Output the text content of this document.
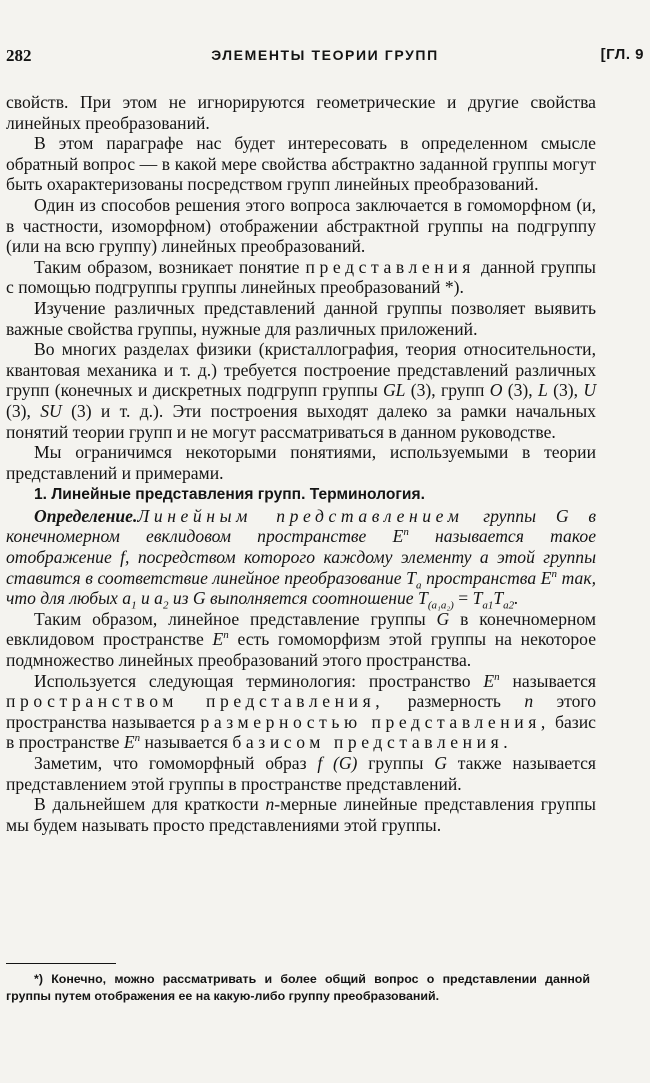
282	ЭЛЕМЕНТЫ ТЕОРИИ ГРУПП	[ГЛ. 9

свойств. При этом не игнорируются геометрические и другие свойства линейных преобразований.

В этом параграфе нас будет интересовать в определенном смысле обратный вопрос — в какой мере свойства абстрактно заданной группы могут быть охарактеризованы посредством групп линейных преобразований.

Один из способов решения этого вопроса заключается в гомоморфном (и, в частности, изоморфном) отображении абстрактной группы на подгруппу (или на всю группу) линейных преобразований.

Таким образом, возникает понятие представления данной группы с помощью подгруппы группы линейных преобразований *).

Изучение различных представлений данной группы позволяет выявить важные свойства группы, нужные для различных приложений.

Во многих разделах физики (кристаллография, теория относительности, квантовая механика и т. д.) требуется построение представлений различных групп (конечных и дискретных подгрупп группы GL (3), групп O (3), L (3), U (3), SU (3) и т. д.). Эти построения выходят далеко за рамки начальных понятий теории групп и не могут рассматриваться в данном руководстве.

Мы ограничимся некоторыми понятиями, используемыми в теории представлений и примерами.

1. Линейные представления групп. Терминология.

Определение.Линейным представлением группы G в конечномерном евклидовом пространстве $E^n$ называется такое отображение f, посредством которого каждому элементу a этой группы ставится в соответствие линейное преобразование $T_a$ пространства $E^n$ так, что для любых $a_1$ и $a_2$ из G выполняется соотношение $T_{(a_1a_2)} = T_{a1}T_{a2}$.

Таким образом, линейное представление группы G в конечномерном евклидовом пространстве $E^n$ есть гомоморфизм этой группы на некоторое подмножество линейных преобразований этого пространства.

Используется следующая терминология: пространство $E^n$ называется пространством представления, размерность n этого пространства называется размерностью представления, базис в пространстве $E^n$ называется базисом представления.

Заметим, что гомоморфный образ f (G) группы G также называется представлением этой группы в пространстве представлений.

В дальнейшем для краткости n-мерные линейные представления группы мы будем называть просто представлениями этой группы.

*) Конечно, можно рассматривать и более общий вопрос о представлении данной группы путем отображения ее на какую-либо группу преобразований.
